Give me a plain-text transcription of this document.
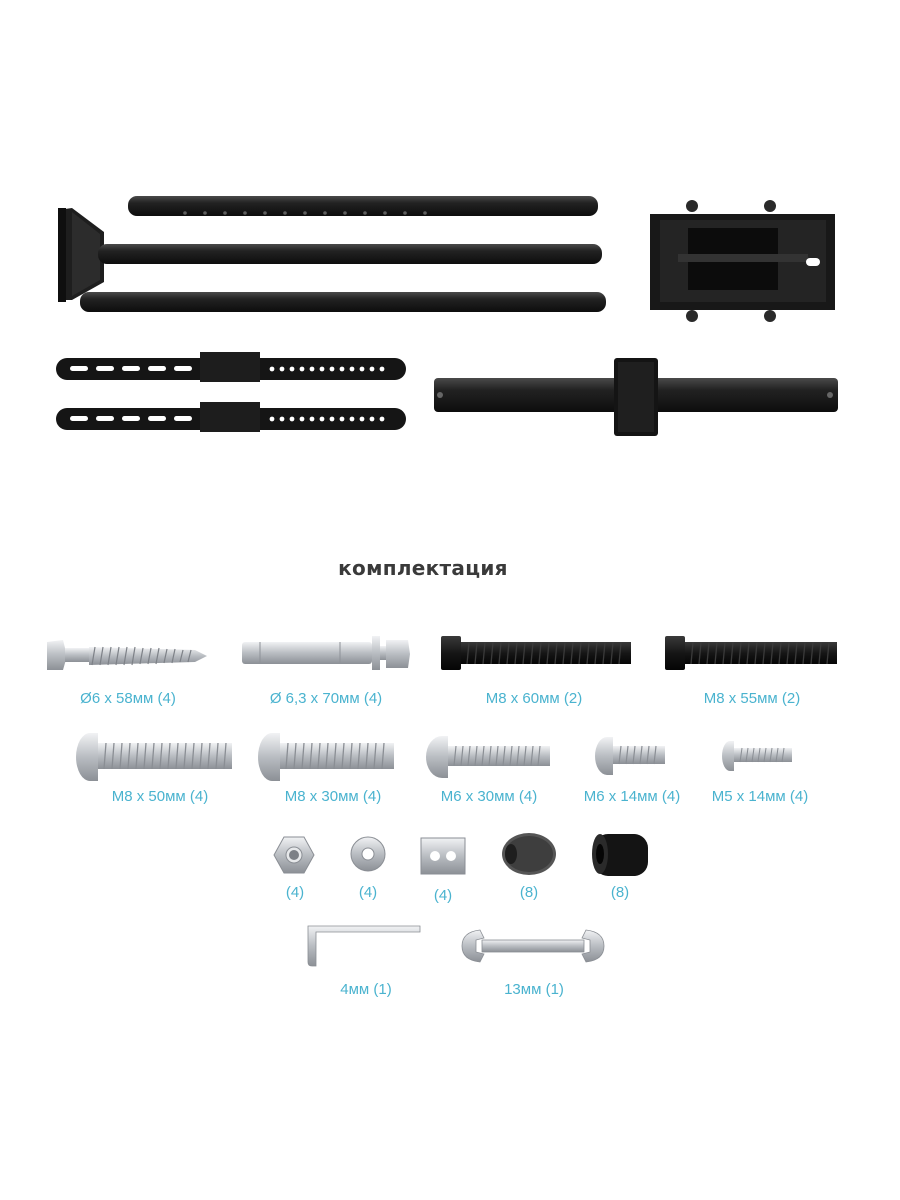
комплектация
Ø6 х 58мм (4)	Ø 6,3 х 70мм (4)	M8 x 60мм (2)	M8 x 55мм (2)
M8 x 50мм (4)	M8 x 30мм (4)	M6 x 30мм (4)	M6 x 14мм (4) M5 x 14мм (4)
(4)	(4)	(4)	(8)	(8)
4мм (1)	13мм (1)
